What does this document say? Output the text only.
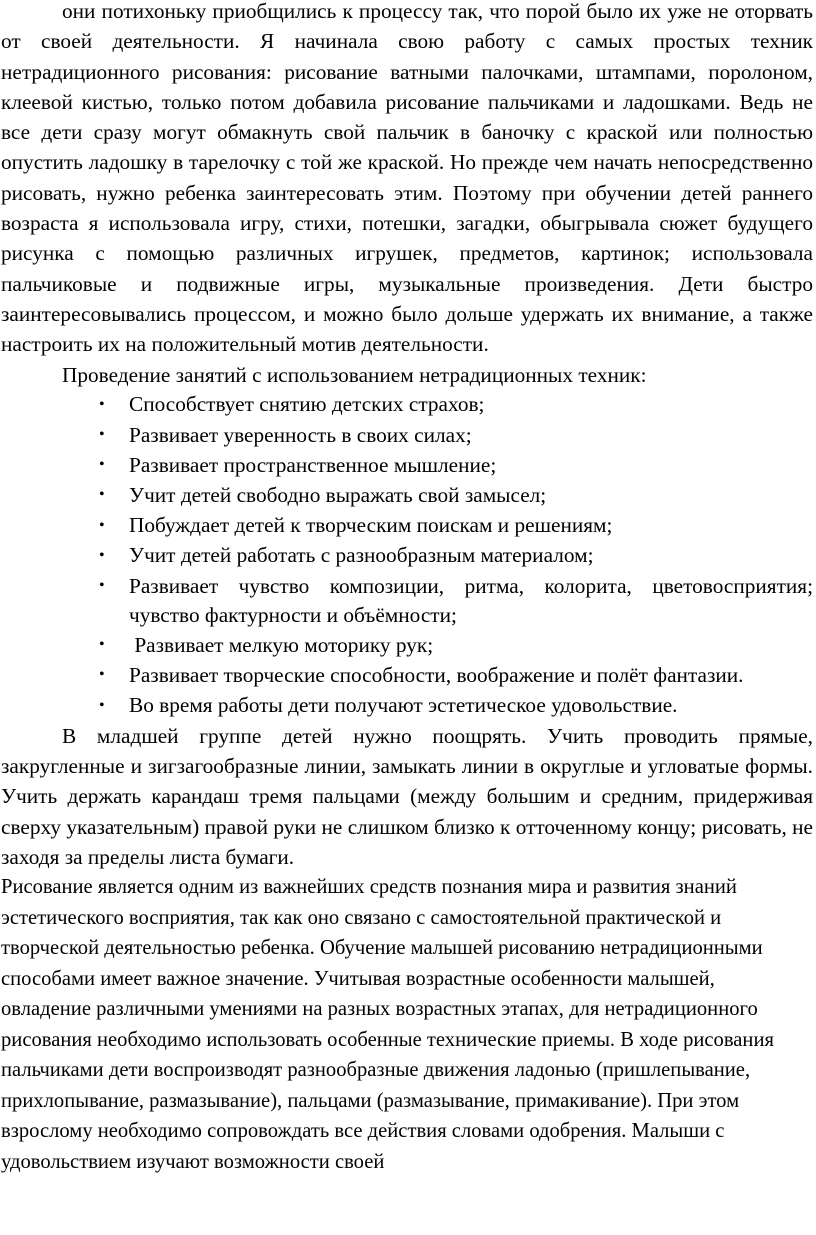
они потихоньку приобщились к процессу так, что порой было их уже не оторвать от своей деятельности. Я начинала свою работу с самых простых техник нетрадиционного рисования: рисование ватными палочками, штампами, поролоном, клеевой кистью, только потом добавила рисование пальчиками и ладошками. Ведь не все дети сразу могут обмакнуть свой пальчик в баночку с краской или полностью опустить ладошку в тарелочку с той же краской. Но прежде чем начать непосредственно рисовать, нужно ребенка заинтересовать этим. Поэтому при обучении детей раннего возраста я использовала игру, стихи, потешки, загадки, обыгрывала сюжет будущего рисунка с помощью различных игрушек, предметов, картинок; использовала пальчиковые и подвижные игры, музыкальные произведения. Дети быстро заинтересовывались процессом, и можно было дольше удержать их внимание, а также настроить их на положительный мотив деятельности.

Проведение занятий с использованием нетрадиционных техник:

• Способствует снятию детских страхов;
• Развивает уверенность в своих силах;
• Развивает пространственное мышление;
• Учит детей свободно выражать свой замысел;
• Побуждает детей к творческим поискам и решениям;
• Учит детей работать с разнообразным материалом;
• Развивает чувство композиции, ритма, колорита, цветовосприятия; чувство фактурности и объёмности;
• Развивает мелкую моторику рук;
• Развивает творческие способности, воображение и полёт фантазии.
• Во время работы дети получают эстетическое удовольствие.

В младшей группе детей нужно поощрять. Учить проводить прямые, закругленные и зигзагообразные линии, замыкать линии в округлые и угловатые формы. Учить держать карандаш тремя пальцами (между большим и средним, придерживая сверху указательным) правой руки не слишком близко к отточенному концу; рисовать, не заходя за пределы листа бумаги.

Рисование является одним из важнейших средств познания мира и развития знаний эстетического восприятия, так как оно связано с самостоятельной практической и творческой деятельностью ребенка. Обучение малышей рисованию нетрадиционными способами имеет важное значение. Учитывая возрастные особенности малышей, овладение различными умениями на разных возрастных этапах, для нетрадиционного рисования необходимо использовать особенные технические приемы. В ходе рисования пальчиками дети воспроизводят разнообразные движения ладонью (пришлепывание, прихлопывание, размазывание), пальцами (размазывание, примакивание). При этом взрослому необходимо сопровождать все действия словами одобрения. Малыши с удовольствием изучают возможности своей
